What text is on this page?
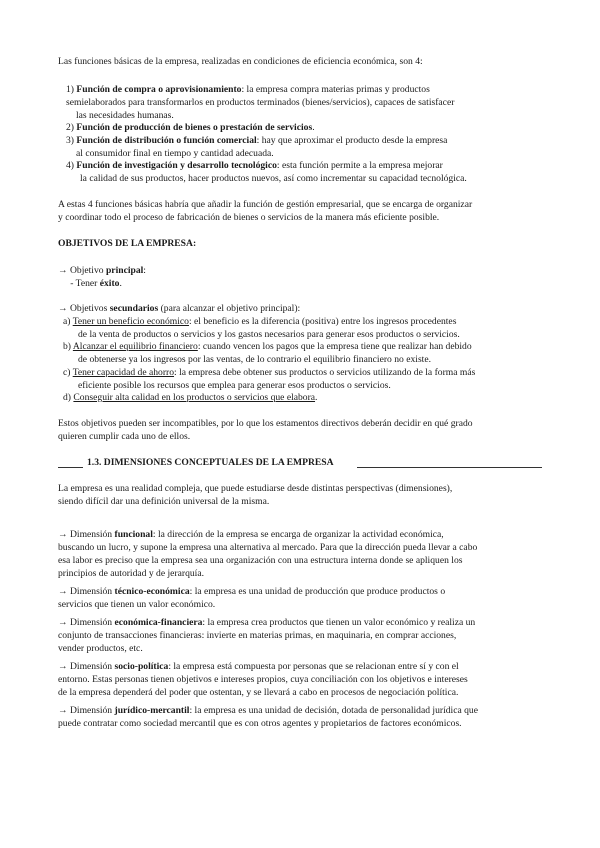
Las funciones básicas de la empresa, realizadas en condiciones de eficiencia económica, son 4:
1) Función de compra o aprovisionamiento: la empresa compra materias primas y productos
semielaborados para transformarlos en productos terminados (bienes/servicios), capaces de satisfacer
las necesidades humanas.
2) Función de producción de bienes o prestación de servicios.
3) Función de distribución o función comercial: hay que aproximar el producto desde la empresa
al consumidor final en tiempo y cantidad adecuada.
4) Función de investigación y desarrollo tecnológico: esta función permite a la empresa mejorar
la calidad de sus productos, hacer productos nuevos, así como incrementar su capacidad tecnológica.
A estas 4 funciones básicas habría que añadir la función de gestión empresarial, que se encarga de organizar
y coordinar todo el proceso de fabricación de bienes o servicios de la manera más eficiente posible.
OBJETIVOS DE LA EMPRESA:
→ Objetivo principal:
- Tener éxito.
→ Objetivos secundarios (para alcanzar el objetivo principal):
a) Tener un beneficio económico: el beneficio es la diferencia (positiva) entre los ingresos procedentes
de la venta de productos o servicios y los gastos necesarios para generar esos productos o servicios.
b) Alcanzar el equilibrio financiero: cuando vencen los pagos que la empresa tiene que realizar han debido
de obtenerse ya los ingresos por las ventas, de lo contrario el equilibrio financiero no existe.
c) Tener capacidad de ahorro: la empresa debe obtener sus productos o servicios utilizando de la forma más
eficiente posible los recursos que emplea para generar esos productos o servicios.
d) Conseguir alta calidad en los productos o servicios que elabora.
Estos objetivos pueden ser incompatibles, por lo que los estamentos directivos deberán decidir en qué grado
quieren cumplir cada uno de ellos.
1.3. DIMENSIONES CONCEPTUALES DE LA EMPRESA
La empresa es una realidad compleja, que puede estudiarse desde distintas perspectivas (dimensiones),
siendo difícil dar una definición universal de la misma.
→ Dimensión funcional: la dirección de la empresa se encarga de organizar la actividad económica,
buscando un lucro, y supone la empresa una alternativa al mercado. Para que la dirección pueda llevar a cabo
esa labor es preciso que la empresa sea una organización con una estructura interna donde se apliquen los
principios de autoridad y de jerarquía.
→ Dimensión técnico-económica: la empresa es una unidad de producción que produce productos o
servicios que tienen un valor económico.
→ Dimensión económica-financiera: la empresa crea productos que tienen un valor económico y realiza un
conjunto de transacciones financieras: invierte en materias primas, en maquinaria, en comprar acciones,
vender productos, etc.
→ Dimensión socio-política: la empresa está compuesta por personas que se relacionan entre sí y con el
entorno. Estas personas tienen objetivos e intereses propios, cuya conciliación con los objetivos e intereses
de la empresa dependerá del poder que ostentan, y se llevará a cabo en procesos de negociación política.
→ Dimensión jurídico-mercantil: la empresa es una unidad de decisión, dotada de personalidad jurídica que
puede contratar como sociedad mercantil que es con otros agentes y propietarios de factores económicos.
